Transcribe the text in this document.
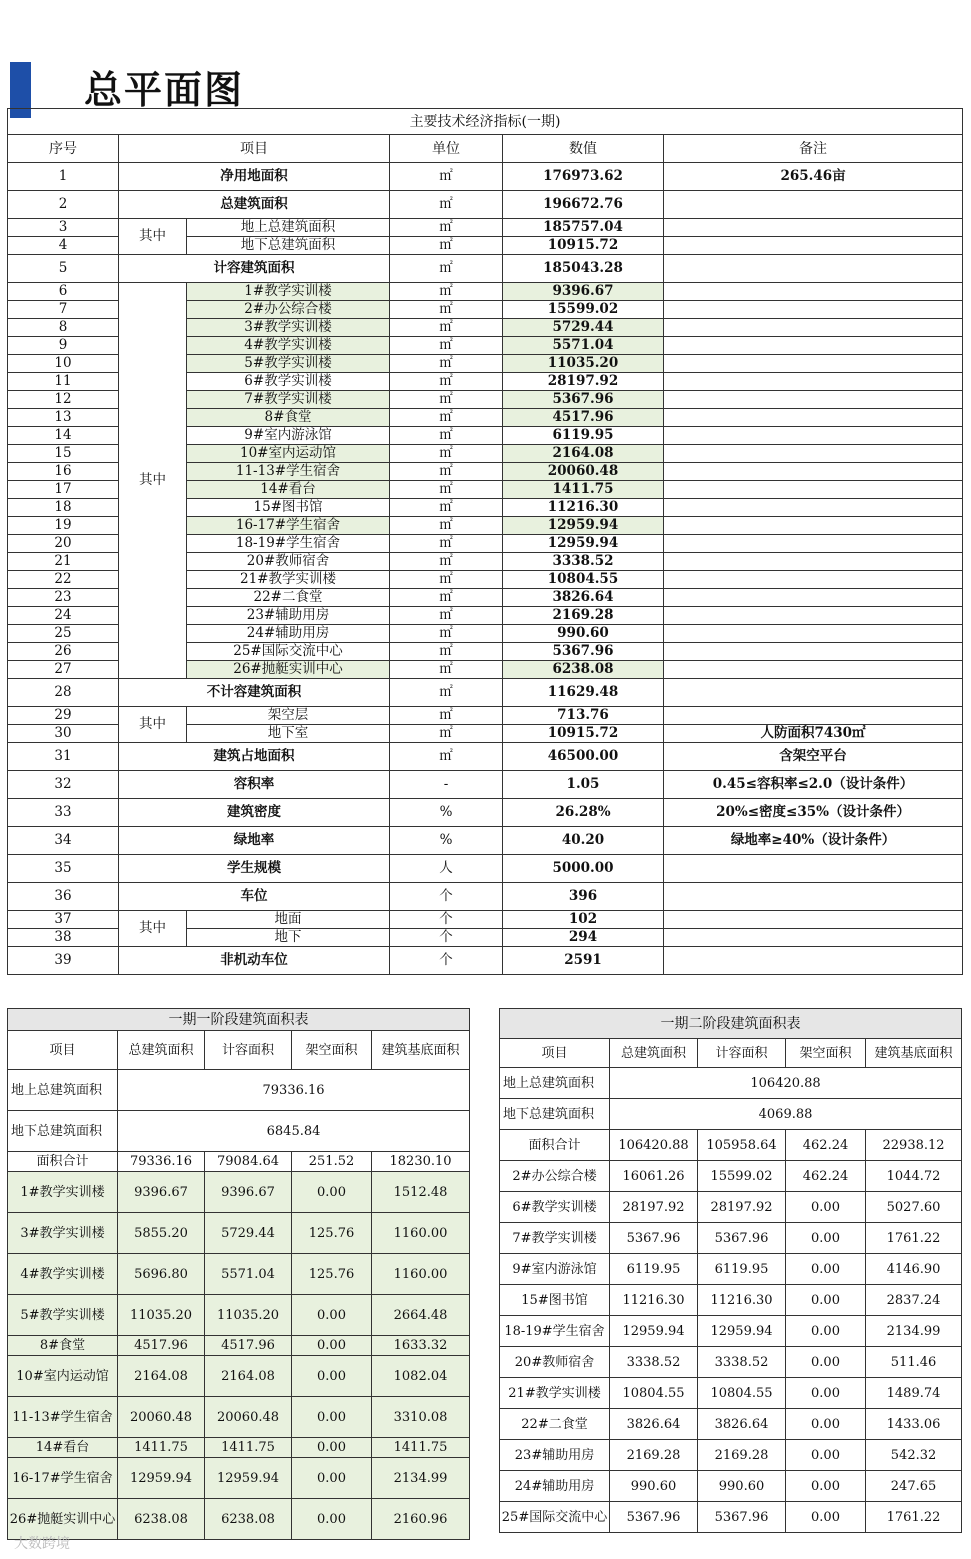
总平面图
主要技术经济指标(一期)					
序号	项目		单位	数值	备注
1	净用地面积		㎡	176973.62	265.46亩
2	总建筑面积		㎡	196672.76	
3	其中	地上总建筑面积	㎡	185757.04	
4		地下总建筑面积	㎡	10915.72	
5	计容建筑面积		㎡	185043.28	
6	其中	1#教学实训楼	㎡	9396.67	
7		2#办公综合楼	㎡	15599.02	
8		3#教学实训楼	㎡	5729.44	
9		4#教学实训楼	㎡	5571.04	
10		5#教学实训楼	㎡	11035.20	
11		6#教学实训楼	㎡	28197.92	
12		7#教学实训楼	㎡	5367.96	
13		8#食堂	㎡	4517.96	
14		9#室内游泳馆	㎡	6119.95	
15		10#室内运动馆	㎡	2164.08	
16		11-13#学生宿舍	㎡	20060.48	
17		14#看台	㎡	1411.75	
18		15#图书馆	㎡	11216.30	
19		16-17#学生宿舍	㎡	12959.94	
20		18-19#学生宿舍	㎡	12959.94	
21		20#教师宿舍	㎡	3338.52	
22		21#教学实训楼	㎡	10804.55	
23		22#二食堂	㎡	3826.64	
24		23#辅助用房	㎡	2169.28	
25		24#辅助用房	㎡	990.60	
26		25#国际交流中心	㎡	5367.96	
27		26#抛艇实训中心	㎡	6238.08	
28	不计容建筑面积		㎡	11629.48	
29	其中	架空层	㎡	713.76	
30		地下室	㎡	10915.72	人防面积7430㎡
31	建筑占地面积		㎡	46500.00	含架空平台
32	容积率		-	1.05	0.45≤容积率≤2.0（设计条件）
33	建筑密度		%	26.28%	20%≤密度≤35%（设计条件）
34	绿地率		%	40.20	绿地率≥40%（设计条件）
35	学生规模		人	5000.00	
36	车位		个	396	
37	其中	地面	个	102	
38		地下	个	294	
39	非机动车位		个	2591	
一期一阶段建筑面积表				
项目	总建筑面积	计容面积	架空面积	建筑基底面积
地上总建筑面积	79336.16			
地下总建筑面积	6845.84			
面积合计	79336.16	79084.64	251.52	18230.10
1#教学实训楼	9396.67	9396.67	0.00	1512.48
3#教学实训楼	5855.20	5729.44	125.76	1160.00
4#教学实训楼	5696.80	5571.04	125.76	1160.00
5#教学实训楼	11035.20	11035.20	0.00	2664.48
8#食堂	4517.96	4517.96	0.00	1633.32
10#室内运动馆	2164.08	2164.08	0.00	1082.04
11-13#学生宿舍	20060.48	20060.48	0.00	3310.08
14#看台	1411.75	1411.75	0.00	1411.75
16-17#学生宿舍	12959.94	12959.94	0.00	2134.99
26#抛艇实训中心	6238.08	6238.08	0.00	2160.96
一期二阶段建筑面积表				
项目	总建筑面积	计容面积	架空面积	建筑基底面积
地上总建筑面积	106420.88			
地下总建筑面积	4069.88			
面积合计	106420.88	105958.64	462.24	22938.12
2#办公综合楼	16061.26	15599.02	462.24	1044.72
6#教学实训楼	28197.92	28197.92	0.00	5027.60
7#教学实训楼	5367.96	5367.96	0.00	1761.22
9#室内游泳馆	6119.95	6119.95	0.00	4146.90
15#图书馆	11216.30	11216.30	0.00	2837.24
18-19#学生宿舍	12959.94	12959.94	0.00	2134.99
20#教师宿舍	3338.52	3338.52	0.00	511.46
21#教学实训楼	10804.55	10804.55	0.00	1489.74
22#二食堂	3826.64	3826.64	0.00	1433.06
23#辅助用房	2169.28	2169.28	0.00	542.32
24#辅助用房	990.60	990.60	0.00	247.65
25#国际交流中心	5367.96	5367.96	0.00	1761.22
大数跨境
